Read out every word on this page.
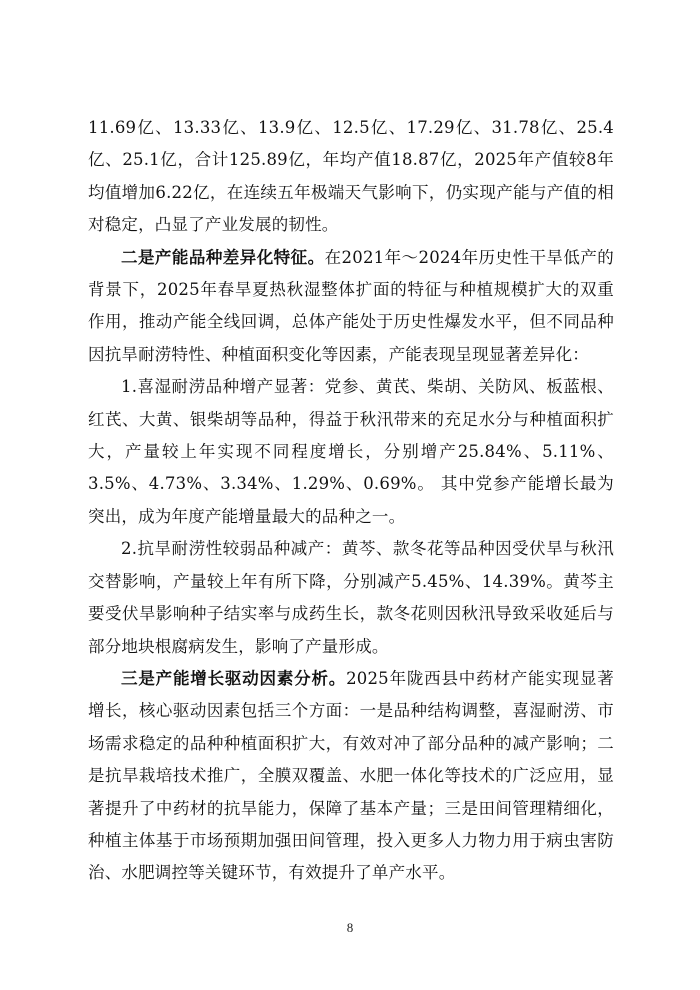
11.69亿、13.33亿、13.9亿、12.5亿、17.29亿、31.78亿、25.4亿、25.1亿，合计125.89亿，年均产值18.87亿，2025年产值较8年均值增加6.22亿，在连续五年极端天气影响下，仍实现产能与产值的相对稳定，凸显了产业发展的韧性。

二是产能品种差异化特征。在2021年～2024年历史性干旱低产的背景下，2025年春旱夏热秋湿整体扩面的特征与种植规模扩大的双重作用，推动产能全线回调，总体产能处于历史性爆发水平，但不同品种因抗旱耐涝特性、种植面积变化等因素，产能表现呈现显著差异化：

1.喜湿耐涝品种增产显著：党参、黄芪、柴胡、关防风、板蓝根、红芪、大黄、银柴胡等品种，得益于秋汛带来的充足水分与种植面积扩大，产量较上年实现不同程度增长，分别增产25.84%、5.11%、3.5%、4.73%、3.34%、1.29%、0.69%。 其中党参产能增长最为突出，成为年度产能增量最大的品种之一。

2.抗旱耐涝性较弱品种减产：黄芩、款冬花等品种因受伏旱与秋汛交替影响，产量较上年有所下降，分别减产5.45%、14.39%。黄芩主要受伏旱影响种子结实率与成药生长，款冬花则因秋汛导致采收延后与部分地块根腐病发生，影响了产量形成。

三是产能增长驱动因素分析。2025年陇西县中药材产能实现显著增长，核心驱动因素包括三个方面：一是品种结构调整，喜湿耐涝、市场需求稳定的品种种植面积扩大，有效对冲了部分品种的减产影响；二是抗旱栽培技术推广，全膜双覆盖、水肥一体化等技术的广泛应用，显著提升了中药材的抗旱能力，保障了基本产量；三是田间管理精细化，种植主体基于市场预期加强田间管理，投入更多人力物力用于病虫害防治、水肥调控等关键环节，有效提升了单产水平。

8
